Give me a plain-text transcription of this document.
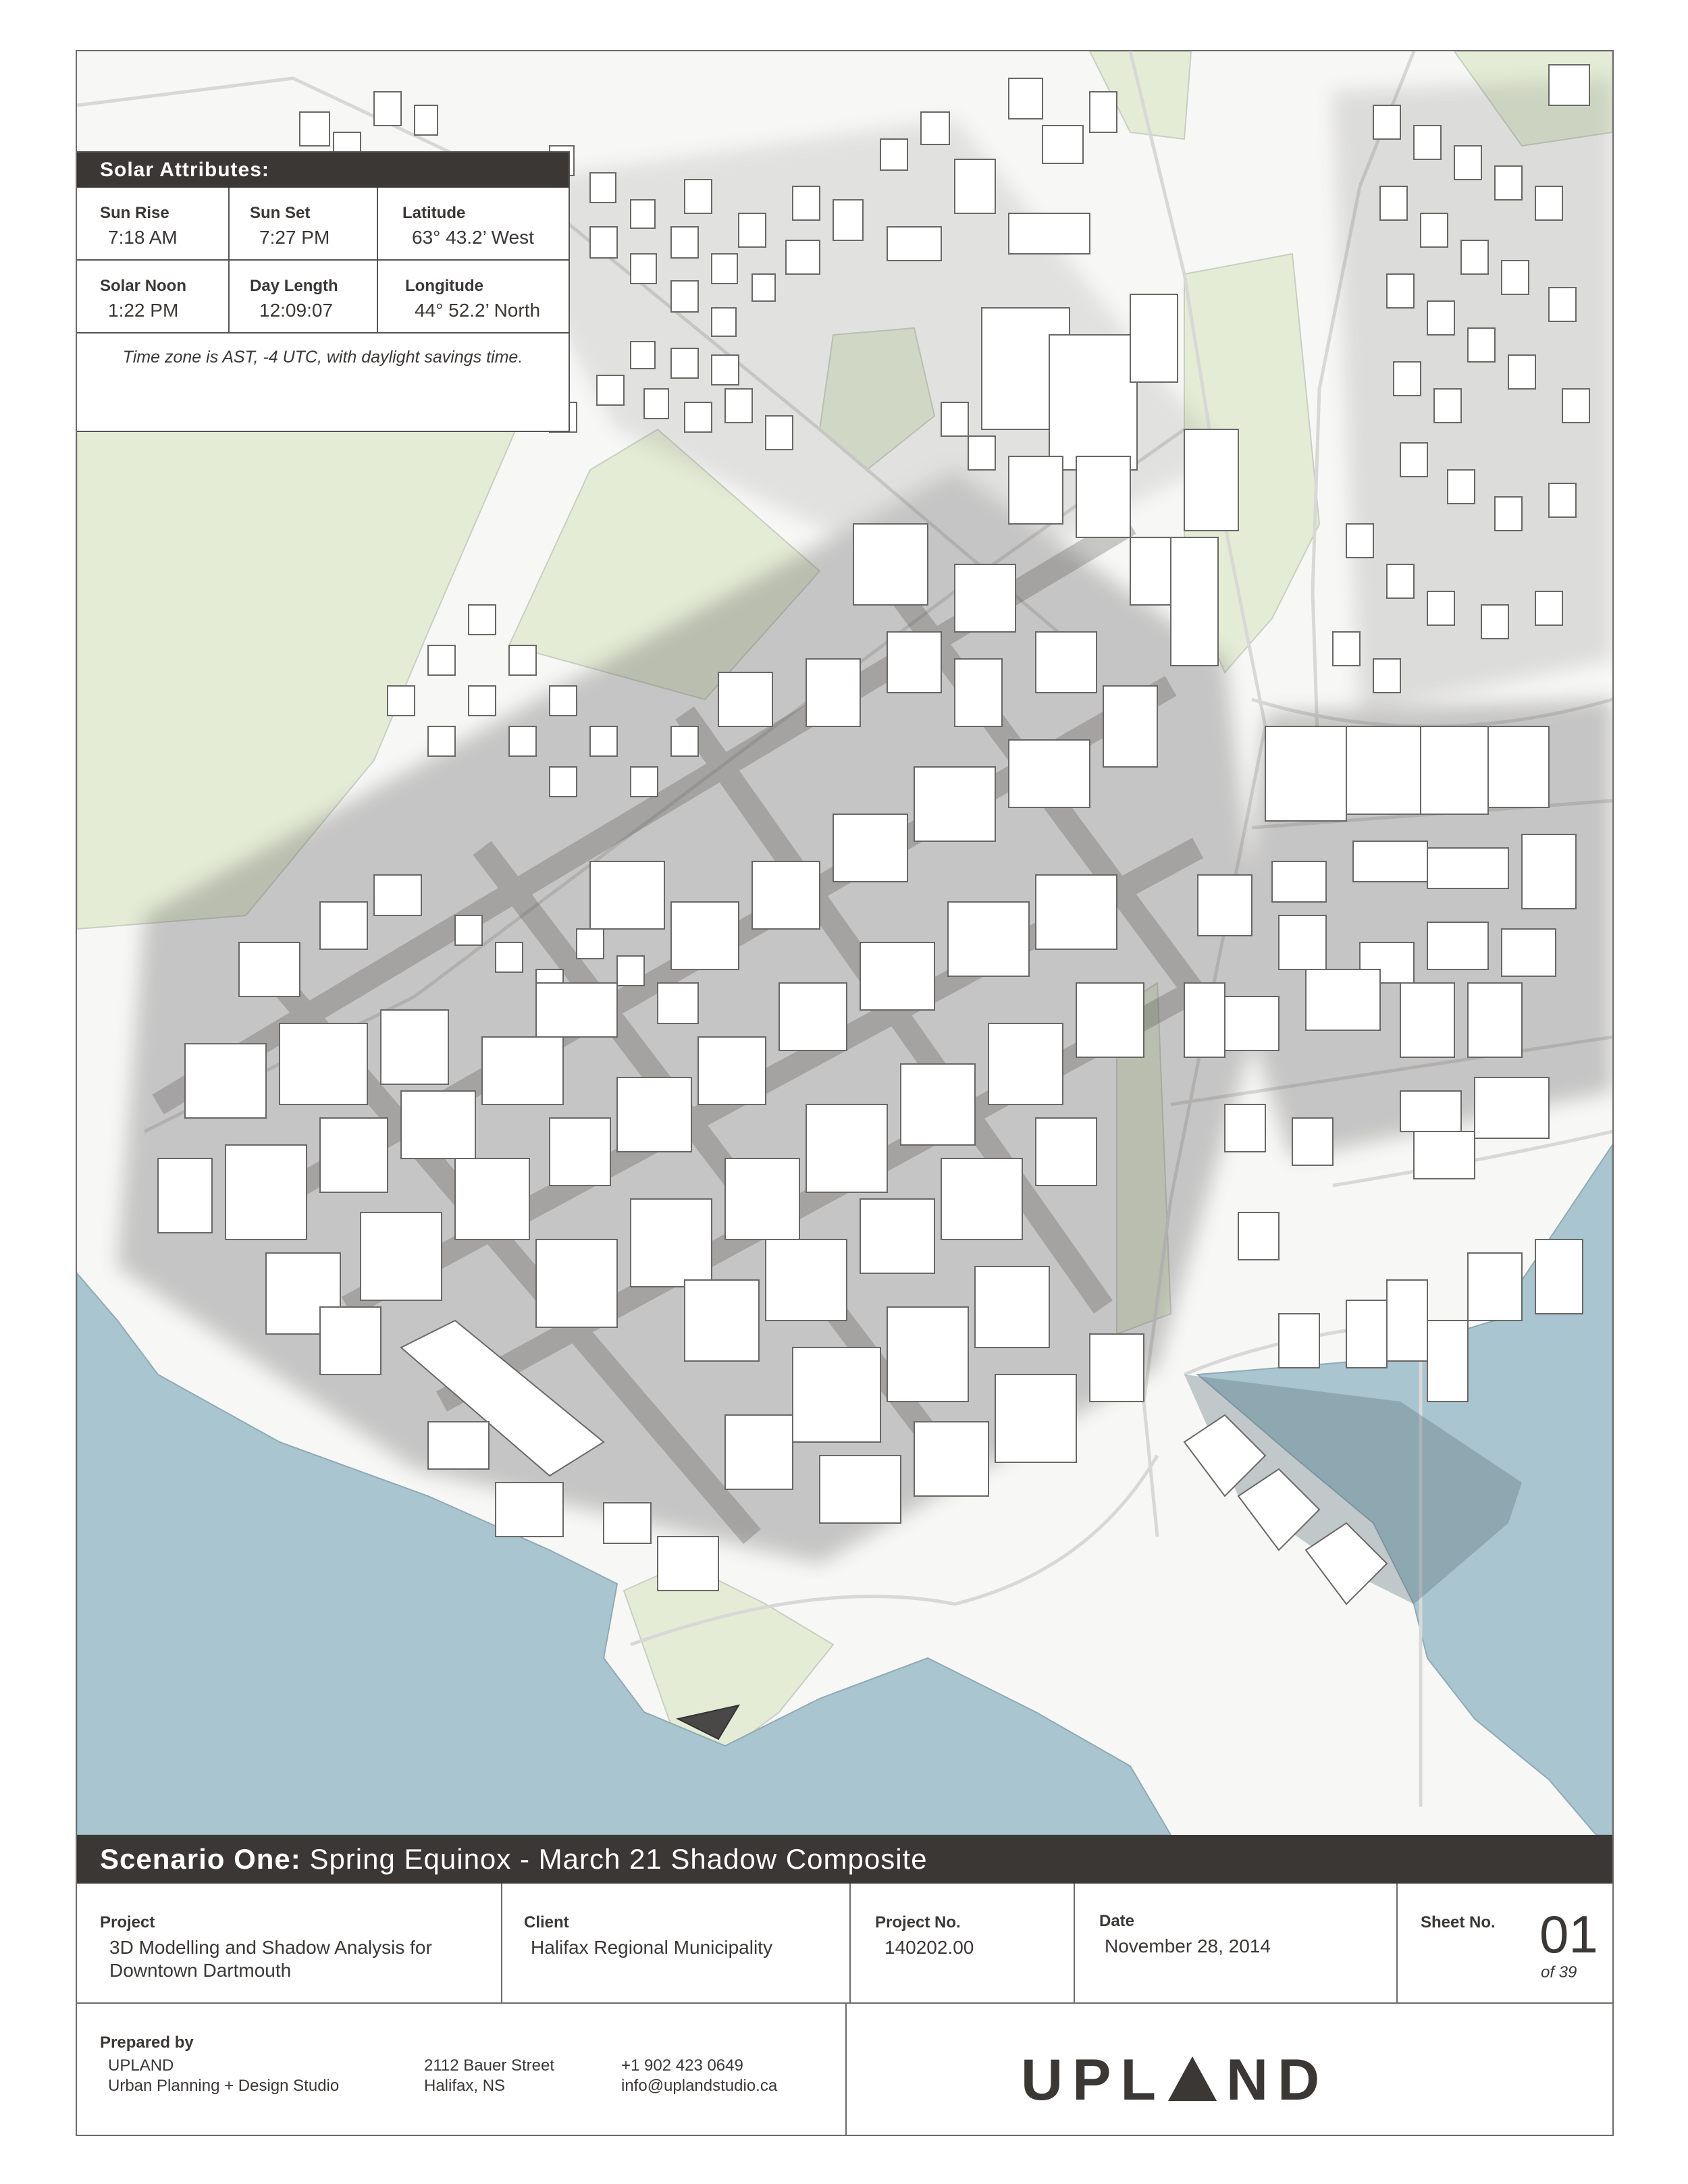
Solar Attributes:
Sun Rise
7:18 AM
Sun Set
7:27 PM
Latitude
63° 43.2’ West
Solar Noon
1:22 PM
Day Length
12:09:07
Longitude
44° 52.2’ North
Time zone is AST, -4 UTC, with daylight savings time.
Scenario One: Spring Equinox - March 21 Shadow Composite
Project
3D Modelling and Shadow Analysis for
Downtown Dartmouth
Client
Halifax Regional Municipality
Project No.
140202.00
Date
November 28, 2014
Sheet No. 01
of 39
Prepared by
UPLAND
Urban Planning + Design Studio
2112 Bauer Street
Halifax, NS
+1 902 423 0649
info@uplandstudio.ca	UPL ND
